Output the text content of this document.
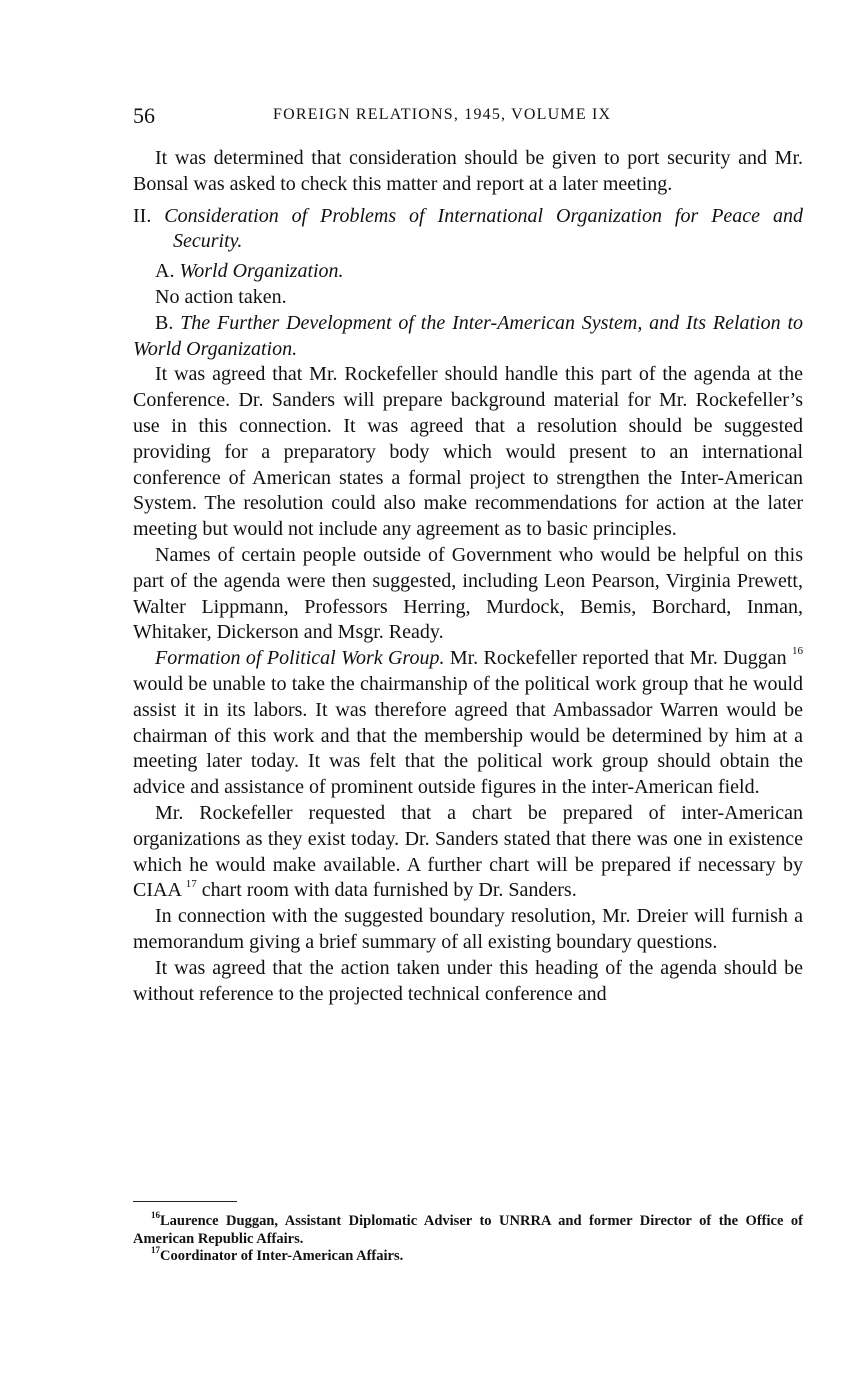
56	FOREIGN RELATIONS, 1945, VOLUME IX

It was determined that consideration should be given to port security and Mr. Bonsal was asked to check this matter and report at a later meeting.

II. Consideration of Problems of International Organization for Peace and Security.

A. World Organization.

No action taken.

B. The Further Development of the Inter-American System, and Its Relation to World Organization.

It was agreed that Mr. Rockefeller should handle this part of the agenda at the Conference. Dr. Sanders will prepare background material for Mr. Rockefeller’s use in this connection. It was agreed that a resolution should be suggested providing for a preparatory body which would present to an international conference of American states a formal project to strengthen the Inter-American System. The resolution could also make recommendations for action at the later meeting but would not include any agreement as to basic principles.

Names of certain people outside of Government who would be helpful on this part of the agenda were then suggested, including Leon Pearson, Virginia Prewett, Walter Lippmann, Professors Herring, Murdock, Bemis, Borchard, Inman, Whitaker, Dickerson and Msgr. Ready.

Formation of Political Work Group. Mr. Rockefeller reported that Mr. Duggan $^{16}$ would be unable to take the chairmanship of the political work group that he would assist it in its labors. It was therefore agreed that Ambassador Warren would be chairman of this work and that the membership would be determined by him at a meeting later today. It was felt that the political work group should obtain the advice and assistance of prominent outside figures in the inter-American field.

Mr. Rockefeller requested that a chart be prepared of inter-American organizations as they exist today. Dr. Sanders stated that there was one in existence which he would make available. A further chart will be prepared if necessary by CIAA $^{17}$ chart room with data furnished by Dr. Sanders.

In connection with the suggested boundary resolution, Mr. Dreier will furnish a memorandum giving a brief summary of all existing boundary questions.

It was agreed that the action taken under this heading of the agenda should be without reference to the projected technical conference and

$^{16}$Laurence Duggan, Assistant Diplomatic Adviser to UNRRA and former Director of the Office of American Republic Affairs.

$^{17}$Coordinator of Inter-American Affairs.
